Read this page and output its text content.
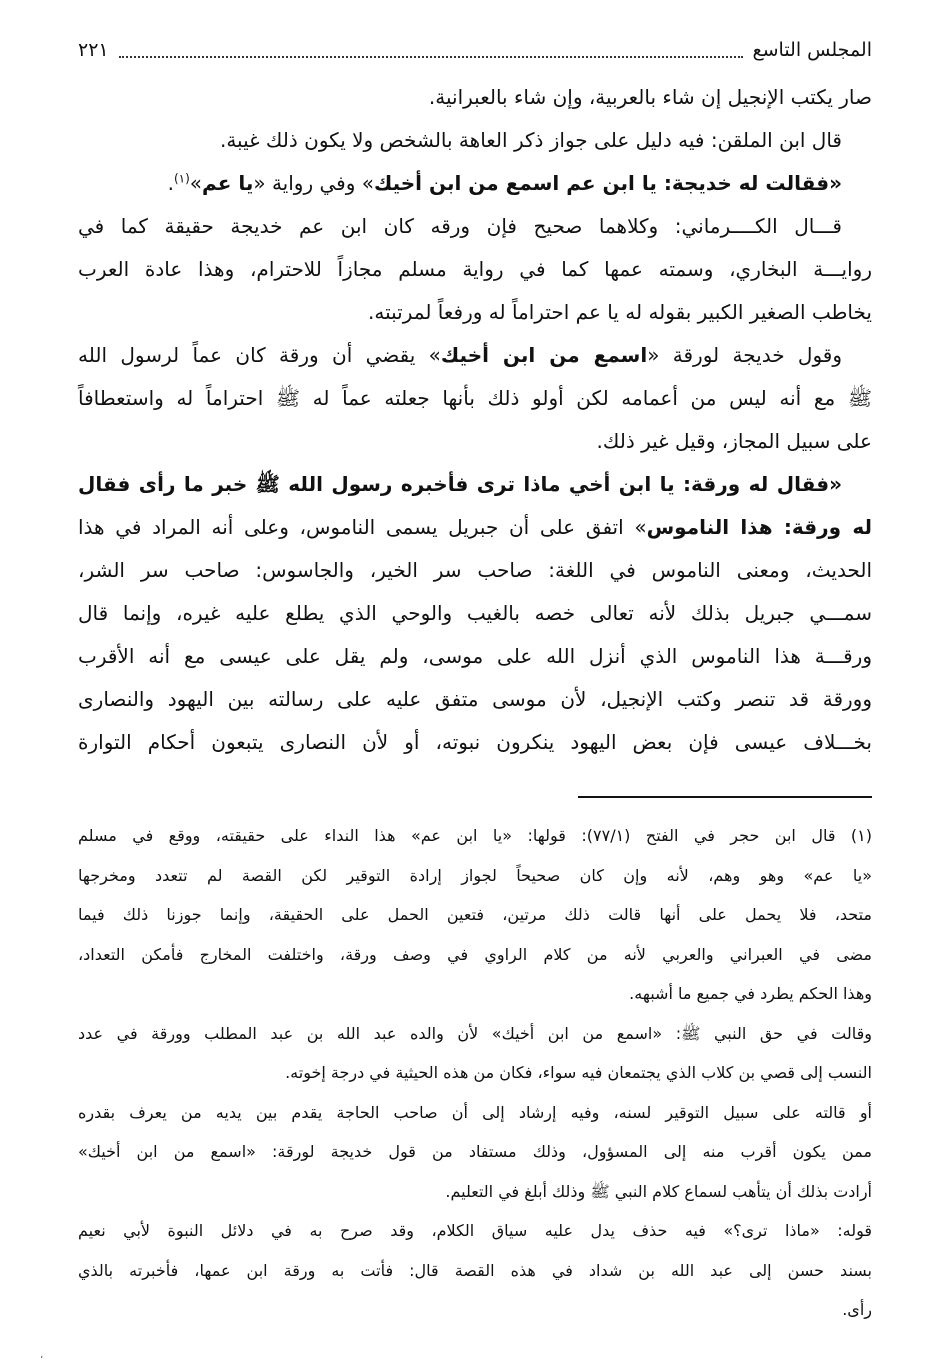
المجلس التاسع
٢٢١
صار يكتب الإنجيل إن شاء بالعربية، وإن شاء بالعبرانية.
قال ابن الملقن: فيه دليل على جواز ذكر العاهة بالشخص ولا يكون ذلك غيبة.
«فقالت له خديجة: يا ابن عم اسمع من ابن أخيك» وفي رواية «يا عم»$^{(١)}$.
قـــال الكــــرماني: وكلاهما صحيح فإن ورقه كان ابن عم خديجة حقيقة كما في
روايـــة البخاري، وسمته عمها كما في رواية مسلم مجازاً للاحترام، وهذا عادة العرب
يخاطب الصغير الكبير بقوله له يا عم احتراماً له ورفعاً لمرتبته.
وقول خديجة لورقة «اسمع من ابن أخيك» يقضي أن ورقة كان عماً لرسول الله
ﷺ مع أنه ليس من أعمامه لكن أولو ذلك بأنها جعلته عماً له ﷺ احتراماً له واستعطافاً
على سبيل المجاز، وقيل غير ذلك.
«فقال له ورقة: يا ابن أخي ماذا ترى فأخبره رسول الله ﷺ خبر ما رأى فقال
له ورقة: هذا الناموس» اتفق على أن جبريل يسمى الناموس، وعلى أنه المراد في هذا
الحديث، ومعنى الناموس في اللغة: صاحب سر الخير، والجاسوس: صاحب سر الشر،
سمـــي جبريل بذلك لأنه تعالى خصه بالغيب والوحي الذي يطلع عليه غيره، وإنما قال
ورقـــة هذا الناموس الذي أنزل الله على موسى، ولم يقل على عيسى مع أنه الأقرب
وورقة قد تنصر وكتب الإنجيل، لأن موسى متفق عليه على رسالته بين اليهود والنصارى
بخـــلاف عيسى فإن بعض اليهود ينكرون نبوته، أو لأن النصارى يتبعون أحكام التوارة
(١) قال ابن حجر في الفتح (٧٧/١): قولها: «يا ابن عم» هذا النداء على حقيقته، ووقع في مسلم
«يا عم» وهو وهم، لأنه وإن كان صحيحاً لجواز إرادة التوقير لكن القصة لم تتعدد ومخرجها
متحد، فلا يحمل على أنها قالت ذلك مرتين، فتعين الحمل على الحقيقة، وإنما جوزنا ذلك فيما
مضى في العبراني والعربي لأنه من كلام الراوي في وصف ورقة، واختلفت المخارج فأمكن التعداد،
وهذا الحكم يطرد في جميع ما أشبهه.
وقالت في حق النبي ﷺ: «اسمع من ابن أخيك» لأن والده عبد الله بن عبد المطلب وورقة في عدد
النسب إلى قصي بن كلاب الذي يجتمعان فيه سواء، فكان من هذه الحيثية في درجة إخوته.
أو قالته على سبيل التوقير لسنه، وفيه إرشاد إلى أن صاحب الحاجة يقدم بين يديه من يعرف بقدره
ممن يكون أقرب منه إلى المسؤول، وذلك مستفاد من قول خديجة لورقة: «اسمع من ابن أخيك»
أرادت بذلك أن يتأهب لسماع كلام النبي ﷺ وذلك أبلغ في التعليم.
قوله: «ماذا ترى؟» فيه حذف يدل عليه سياق الكلام، وقد صرح به في دلائل النبوة لأبي نعيم
بسند حسن إلى عبد الله بن شداد في هذه القصة قال: فأتت به ورقة ابن عمها، فأخبرته بالذي
رأى.
،
